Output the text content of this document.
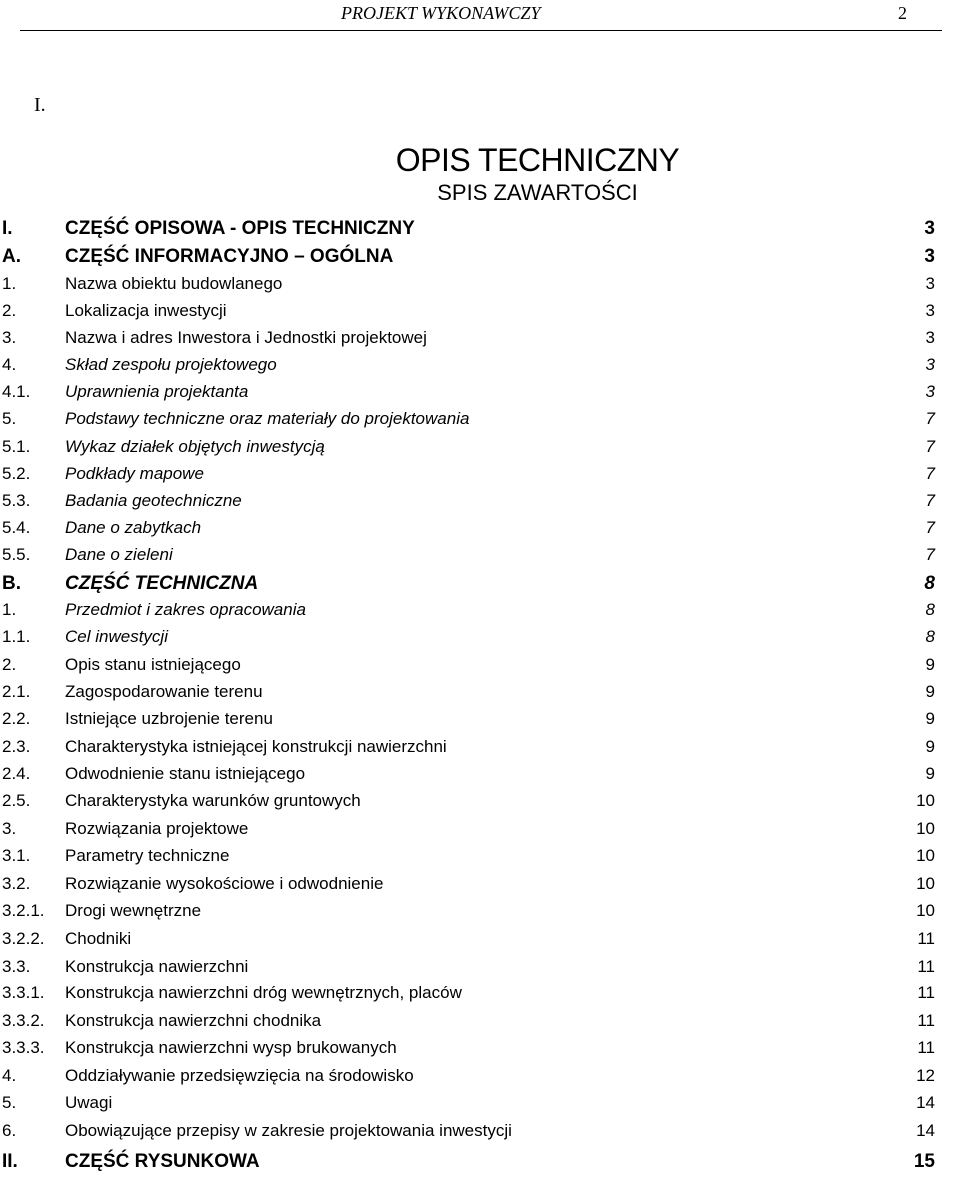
PROJEKT WYKONAWCZY	2
I.
OPIS TECHNICZNY
SPIS ZAWARTOŚCI
I.	CZĘŚĆ OPISOWA - OPIS TECHNICZNY	3
A. CZĘŚĆ INFORMACYJNO – OGÓLNA	3
1.	Nazwa obiektu budowlanego	3
2.	Lokalizacja inwestycji	3
3.	Nazwa i adres Inwestora i Jednostki projektowej	3
4.	Skład zespołu projektowego	3
4.1. Uprawnienia projektanta	3
5.	Podstawy techniczne oraz materiały do projektowania	7
5.1. Wykaz działek objętych inwestycją	7
5.2. Podkłady mapowe	7
5.3. Badania geotechniczne	7
5.4. Dane o zabytkach	7
5.5. Dane o zieleni	7
B. CZĘŚĆ TECHNICZNA	8
1.	Przedmiot i zakres opracowania	8
1.1. Cel inwestycji	8
2.	Opis stanu istniejącego	9
2.1. Zagospodarowanie terenu	9
2.2. Istniejące uzbrojenie terenu	9
2.3. Charakterystyka istniejącej konstrukcji nawierzchni	9
2.4. Odwodnienie stanu istniejącego	9
2.5. Charakterystyka warunków gruntowych	10
3.	Rozwiązania projektowe	10
3.1. Parametry techniczne	10
3.2. Rozwiązanie wysokościowe i odwodnienie	10
3.2.1. Drogi wewnętrzne	10
3.2.2. Chodniki	11
3.3. Konstrukcja nawierzchni	11
3.3.1. Konstrukcja nawierzchni dróg wewnętrznych, placów	11
3.3.2. Konstrukcja nawierzchni chodnika	11
3.3.3. Konstrukcja nawierzchni wysp brukowanych	11
4.	Oddziaływanie przedsięwzięcia na środowisko	12
5.	Uwagi	14
6.	Obowiązujące przepisy w zakresie projektowania inwestycji	14
II. CZĘŚĆ RYSUNKOWA	15
